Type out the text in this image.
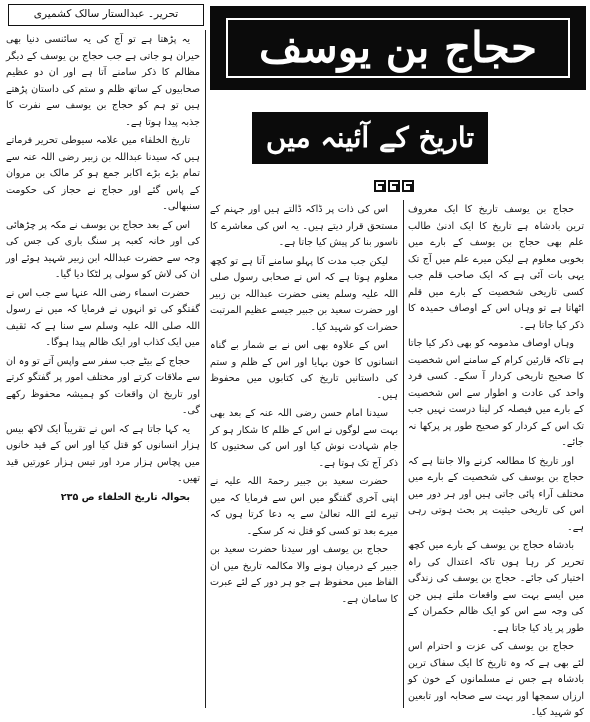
تحریر۔ عبدالستار سالک کشمیری
حجاج بن یوسف
تاریخ کے آئینہ میں

حجاج بن یوسف تاریخ کا ایک معروف ترین بادشاہ ہے تاریخ کا ایک ادنیٰ طالب علم بھی حجاج بن یوسف کے بارے میں بخوبی معلوم ہے لیکن میرے علم میں آج تک یہی بات آئی ہے کہ ایک صاحب قلم جب کسی تاریخی شخصیت کے بارے میں قلم اٹھاتا ہے تو وہاں اس کے اوصاف حمیدہ کا ذکر کیا جاتا ہے۔

وہاں اوصاف مذمومہ کو بھی ذکر کیا جاتا ہے تاکہ قارئین کرام کے سامنے اس شخصیت کا صحیح تاریخی کردار آ سکے۔ کسی فرد واحد کی عادت و اطوار سے اس شخصیت کے بارے میں فیصلہ کر لینا درست نہیں جب تک اس کے کردار کو صحیح طور پر پرکھا نہ جائے۔

اور تاریخ کا مطالعہ کرنے والا جانتا ہے کہ حجاج بن یوسف کی شخصیت کے بارے میں مختلف آراء پائی جاتی ہیں اور ہر دور میں اس کی تاریخی حیثیت پر بحث ہوتی رہی ہے۔

بادشاہ حجاج بن یوسف کے بارے میں کچھ تحریر کر رہا ہوں تاکہ اعتدال کی راہ اختیار کی جائے۔ حجاج بن یوسف کی زندگی میں ایسے بہت سے واقعات ملتے ہیں جن کی وجہ سے اس کو ایک ظالم حکمران کے طور پر یاد کیا جاتا ہے۔

حجاج بن یوسف کی عزت و احترام اس لئے بھی ہے کہ وہ تاریخ کا ایک سفاک ترین بادشاہ ہے جس نے مسلمانوں کے خون کو ارزاں سمجھا اور بہت سے صحابہ اور تابعین کو شہید کیا۔

اس کی ذات پر ڈاکہ ڈالتے ہیں اور جہنم کے مستحق قرار دیتے ہیں۔ یہ اس کی معاشرے کا ناسور بنا کر پیش کیا جاتا ہے۔

لیکن جب مدت کا پہلو سامنے آتا ہے تو کچھ معلوم ہوتا ہے کہ اس نے صحابی رسول صلی اللہ علیہ وسلم یعنی حضرت عبداللہ بن زبیر اور حضرت سعید بن جبیر جیسے عظیم المرتبت حضرات کو شہید کیا۔

اس کے علاوہ بھی اس نے بے شمار بے گناہ انسانوں کا خون بہایا اور اس کے ظلم و ستم کی داستانیں تاریخ کی کتابوں میں محفوظ ہیں۔

سیدنا امام حسن رضی اللہ عنہ کے بعد بھی بہت سے لوگوں نے اس کے ظلم کا شکار ہو کر جام شہادت نوش کیا اور اس کی سختیوں کا ذکر آج تک ہوتا ہے۔

حضرت سعید بن جبیر رحمۃ اللہ علیہ نے اپنی آخری گفتگو میں اس سے فرمایا کہ میں تیرے لئے اللہ تعالیٰ سے یہ دعا کرتا ہوں کہ میرے بعد تو کسی کو قتل نہ کر سکے۔

حجاج بن یوسف اور سیدنا حضرت سعید بن جبیر کے درمیان ہونے والا مکالمہ تاریخ میں ان الفاظ میں محفوظ ہے جو ہر دور کے لئے عبرت کا سامان ہے۔

یہ پڑھتا ہے تو آج کی یہ سائنسی دنیا بھی حیران ہو جاتی ہے جب حجاج بن یوسف کے دیگر مظالم کا ذکر سامنے آتا ہے اور ان دو عظیم صحابیوں کے ساتھ ظلم و ستم کی داستان پڑھتے ہیں تو ہم کو حجاج بن یوسف سے نفرت کا جذبہ پیدا ہوتا ہے۔

تاریخ الخلفاء میں علامہ سیوطی تحریر فرماتے ہیں کہ سیدنا عبداللہ بن زبیر رضی اللہ عنہ سے تمام بڑے بڑے اکابر جمع ہو کر مالک بن مروان کے پاس گئے اور حجاج نے حجاز کی حکومت سنبھالی۔

اس کے بعد حجاج بن یوسف نے مکہ پر چڑھائی کی اور خانہ کعبہ پر سنگ باری کی جس کی وجہ سے حضرت عبداللہ ابن زبیر شہید ہوئے اور ان کی لاش کو سولی پر لٹکا دیا گیا۔

حضرت اسماء رضی اللہ عنہا سے جب اس نے گفتگو کی تو انہوں نے فرمایا کہ میں نے رسول اللہ صلی اللہ علیہ وسلم سے سنا ہے کہ ثقیف میں ایک کذاب اور ایک ظالم پیدا ہوگا۔

حجاج کے بیٹے جب سفر سے واپس آتے تو وہ ان سے ملاقات کرتے اور مختلف امور پر گفتگو کرتے اور تاریخ ان واقعات کو ہمیشہ محفوظ رکھے گی۔

یہ کہا جاتا ہے کہ اس نے تقریباً ایک لاکھ بیس ہزار انسانوں کو قتل کیا اور اس کے قید خانوں میں پچاس ہزار مرد اور تیس ہزار عورتیں قید تھیں۔

بحوالہ تاریخ الخلفاء ص ۲۳۵
